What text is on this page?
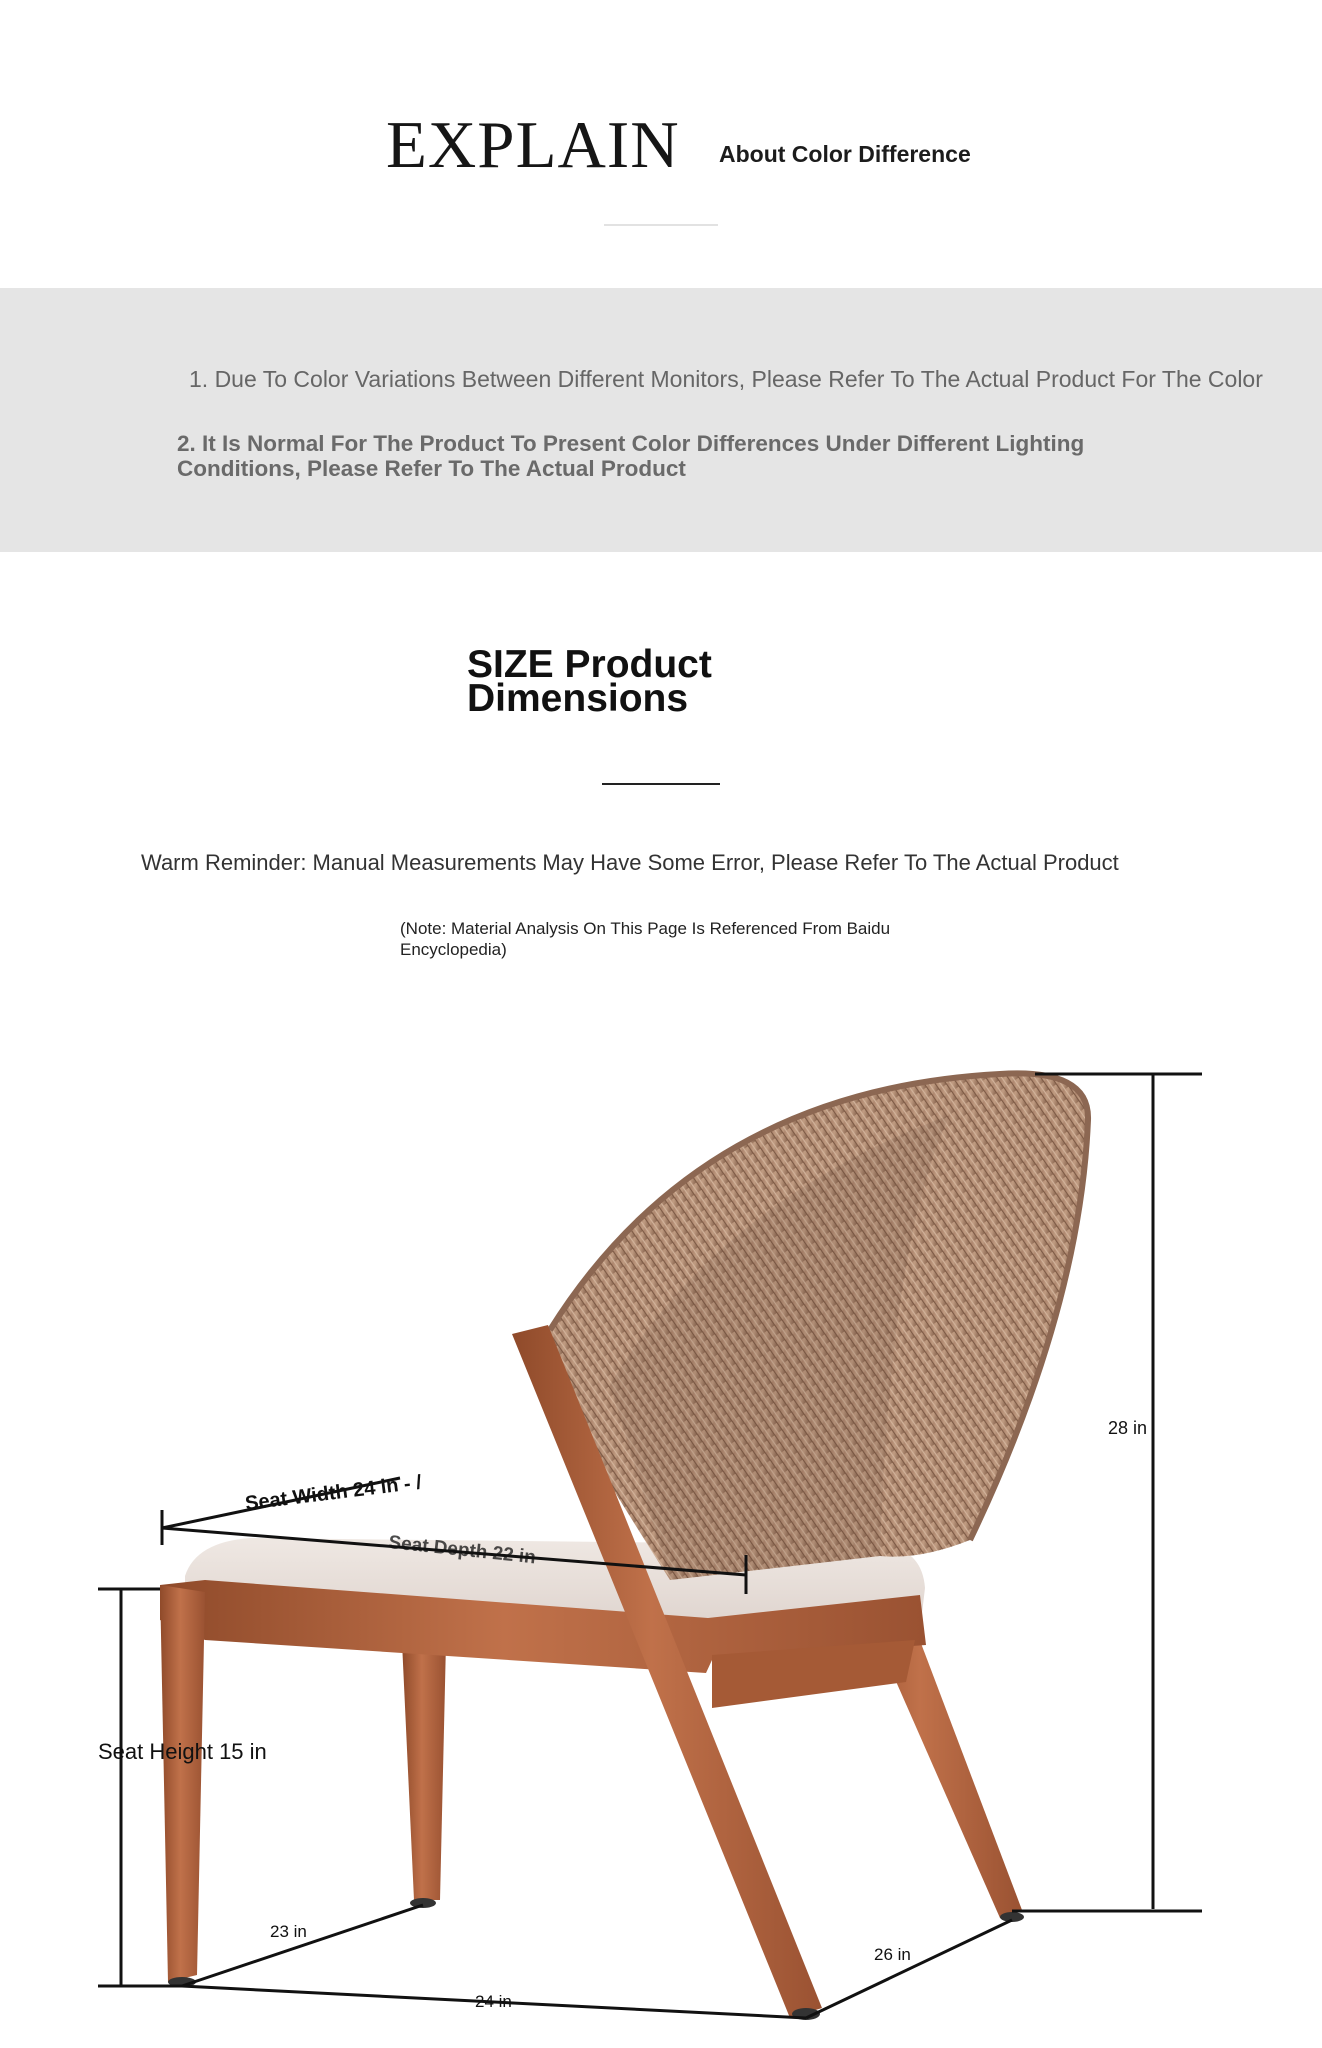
EXPLAIN About Color Difference
1. Due To Color Variations Between Different Monitors, Please Refer To The Actual Product For The Color
2. It Is Normal For The Product To Present Color Differences Under Different Lighting Conditions, Please Refer To The Actual Product
SIZE Product Dimensions
Warm Reminder: Manual Measurements May Have Some Error, Please Refer To The Actual Product
(Note: Material Analysis On This Page Is Referenced From Baidu Encyclopedia)
28 in
Seat Width 24 in - /
Seat Depth 22 in
Seat Height 15 in
23 in
24 in
26 in
